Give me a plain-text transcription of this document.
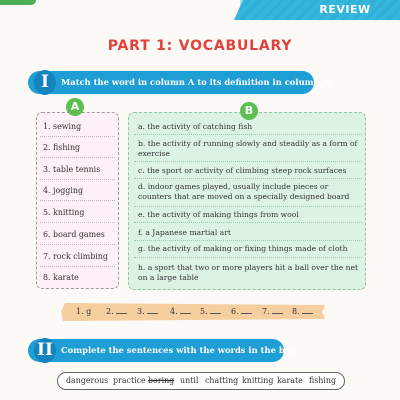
REVIEW
PART 1: VOCABULARY
I	Match the word in column A to its definition in column B.
A	B
1. sewing
2. fishing
3. table tennis
4. jogging
5. knitting
6. board games
7. rock climbing
8. karate
a. the activity of catching fish
b. the activity of running slowly and steadily as a form of exercise
c. the sport or activity of climbing steep rock surfaces
d. indoor games played, usually include pieces or counters that are moved on a specially designed board
e. the activity of making things from wool
f. a Japanese martial art
g. the activity of making or fixing things made of cloth
h. a sport that two or more players hit a ball over the net on a large table
1. g 2.	3.	4.	5.	6.	7.	8.
II Complete the sentences with the words in the box.
dangerous practice boring until chatting knitting karate fishing
